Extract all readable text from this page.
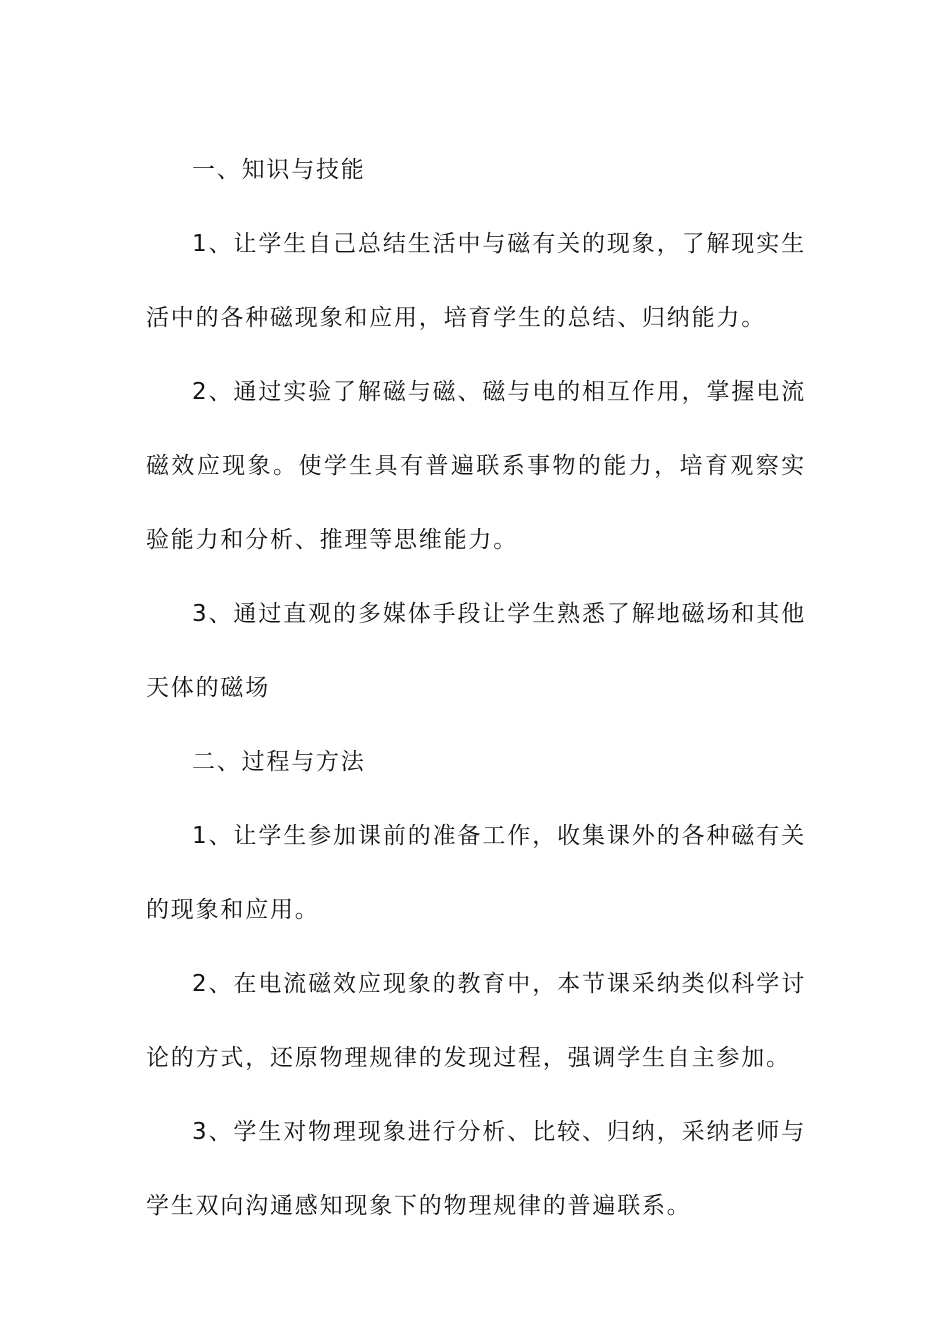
一、知识与技能

1、让学生自己总结生活中与磁有关的现象，了解现实生活中的各种磁现象和应用，培育学生的总结、归纳能力。

2、通过实验了解磁与磁、磁与电的相互作用，掌握电流磁效应现象。使学生具有普遍联系事物的能力，培育观察实验能力和分析、推理等思维能力。

3、通过直观的多媒体手段让学生熟悉了解地磁场和其他天体的磁场

二、过程与方法

1、让学生参加课前的准备工作，收集课外的各种磁有关的现象和应用。

2、在电流磁效应现象的教育中，本节课采纳类似科学讨论的方式，还原物理规律的发现过程，强调学生自主参加。

3、学生对物理现象进行分析、比较、归纳，采纳老师与学生双向沟通感知现象下的物理规律的普遍联系。
